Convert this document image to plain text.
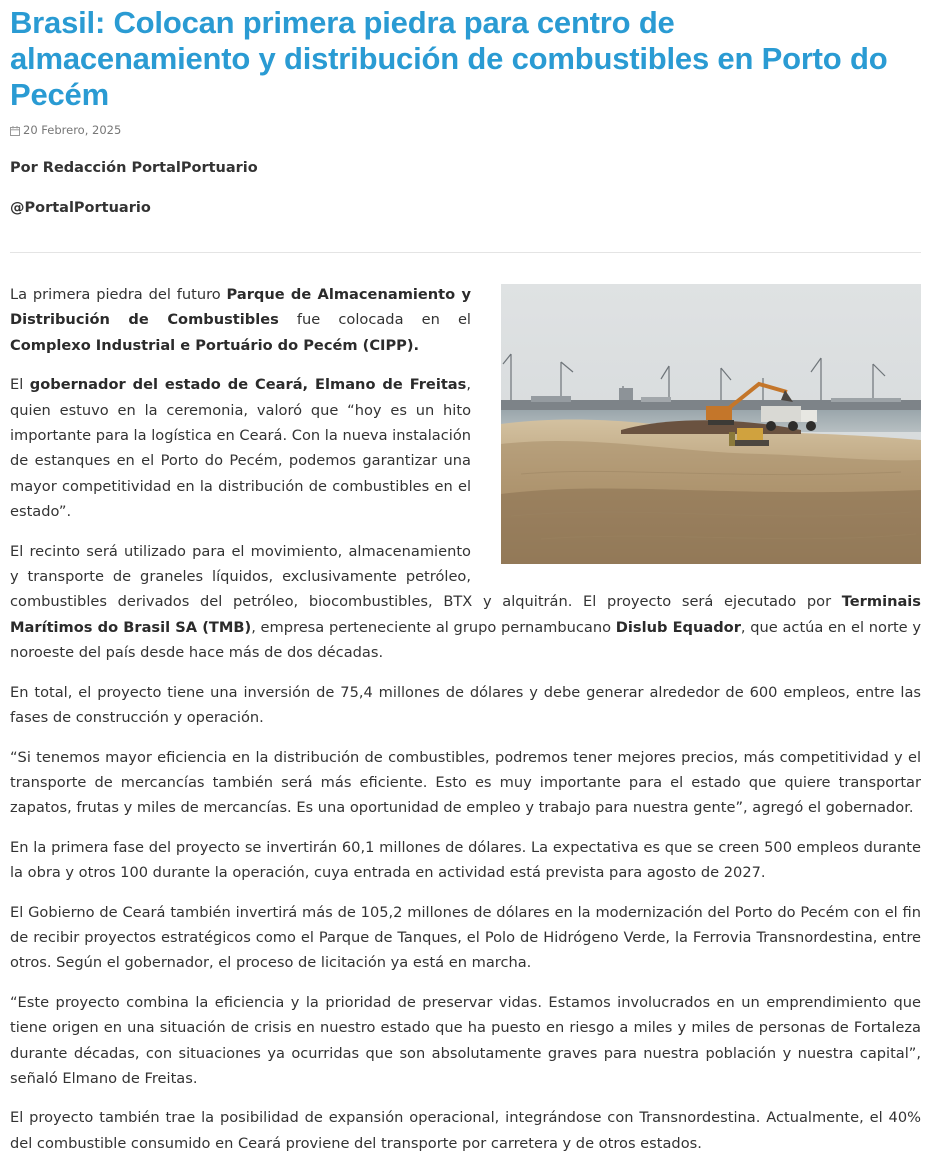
Brasil: Colocan primera piedra para centro de almacenamiento y distribución de combustibles en Porto do Pecém
20 Febrero, 2025

Por Redacción PortalPortuario

@PortalPortuario

La primera piedra del futuro Parque de Almacenamiento y Distribución de Combustibles fue colocada en el Complexo Industrial e Portuário do Pecém (CIPP).

El gobernador del estado de Ceará, Elmano de Freitas, quien estuvo en la ceremonia, valoró que “hoy es un hito importante para la logística en Ceará. Con la nueva instalación de estanques en el Porto do Pecém, podemos garantizar una mayor competitividad en la distribución de combustibles en el estado”.

El recinto será utilizado para el movimiento, almacenamiento y transporte de graneles líquidos, exclusivamente petróleo, combustibles derivados del petróleo, biocombustibles, BTX y alquitrán. El proyecto será ejecutado por Terminais Marítimos do Brasil SA (TMB), empresa perteneciente al grupo pernambucano Dislub Equador, que actúa en el norte y noroeste del país desde hace más de dos décadas.

En total, el proyecto tiene una inversión de 75,4 millones de dólares y debe generar alrededor de 600 empleos, entre las fases de construcción y operación.

“Si tenemos mayor eficiencia en la distribución de combustibles, podremos tener mejores precios, más competitividad y el transporte de mercancías también será más eficiente. Esto es muy importante para el estado que quiere transportar zapatos, frutas y miles de mercancías. Es una oportunidad de empleo y trabajo para nuestra gente”, agregó el gobernador.

En la primera fase del proyecto se invertirán 60,1 millones de dólares. La expectativa es que se creen 500 empleos durante la obra y otros 100 durante la operación, cuya entrada en actividad está prevista para agosto de 2027.

El Gobierno de Ceará también invertirá más de 105,2 millones de dólares en la modernización del Porto do Pecém con el fin de recibir proyectos estratégicos como el Parque de Tanques, el Polo de Hidrógeno Verde, la Ferrovia Transnordestina, entre otros. Según el gobernador, el proceso de licitación ya está en marcha.

“Este proyecto combina la eficiencia y la prioridad de preservar vidas. Estamos involucrados en un emprendimiento que tiene origen en una situación de crisis en nuestro estado que ha puesto en riesgo a miles y miles de personas de Fortaleza durante décadas, con situaciones ya ocurridas que son absolutamente graves para nuestra población y nuestra capital”, señaló Elmano de Freitas.

El proyecto también trae la posibilidad de expansión operacional, integrándose con Transnordestina. Actualmente, el 40% del combustible consumido en Ceará proviene del transporte por carretera y de otros estados.
